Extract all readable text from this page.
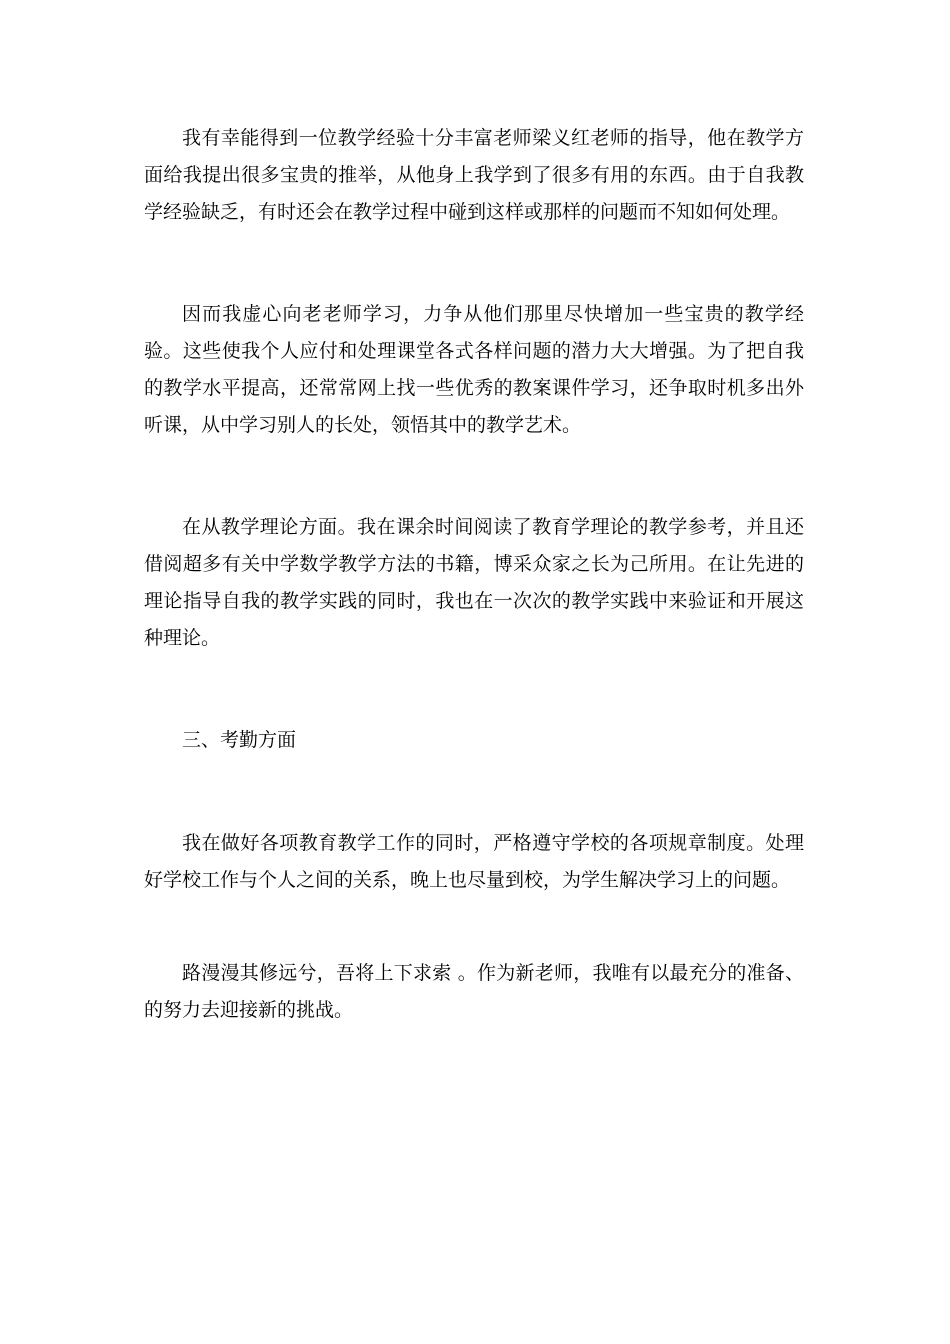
我有幸能得到一位教学经验十分丰富老师梁义红老师的指导，他在教学方面给我提出很多宝贵的推举，从他身上我学到了很多有用的东西。由于自我教学经验缺乏，有时还会在教学过程中碰到这样或那样的问题而不知如何处理。

因而我虚心向老老师学习，力争从他们那里尽快增加一些宝贵的教学经验。这些使我个人应付和处理课堂各式各样问题的潜力大大增强。为了把自我的教学水平提高，还常常网上找一些优秀的教案课件学习，还争取时机多出外听课，从中学习别人的长处，领悟其中的教学艺术。

在从教学理论方面。我在课余时间阅读了教育学理论的教学参考，并且还借阅超多有关中学数学教学方法的书籍，博采众家之长为己所用。在让先进的理论指导自我的教学实践的同时，我也在一次次的教学实践中来验证和开展这种理论。

三、考勤方面

我在做好各项教育教学工作的同时，严格遵守学校的各项规章制度。处理好学校工作与个人之间的关系，晚上也尽量到校，为学生解决学习上的问题。

路漫漫其修远兮，吾将上下求索 。作为新老师，我唯有以最充分的准备、的努力去迎接新的挑战。
